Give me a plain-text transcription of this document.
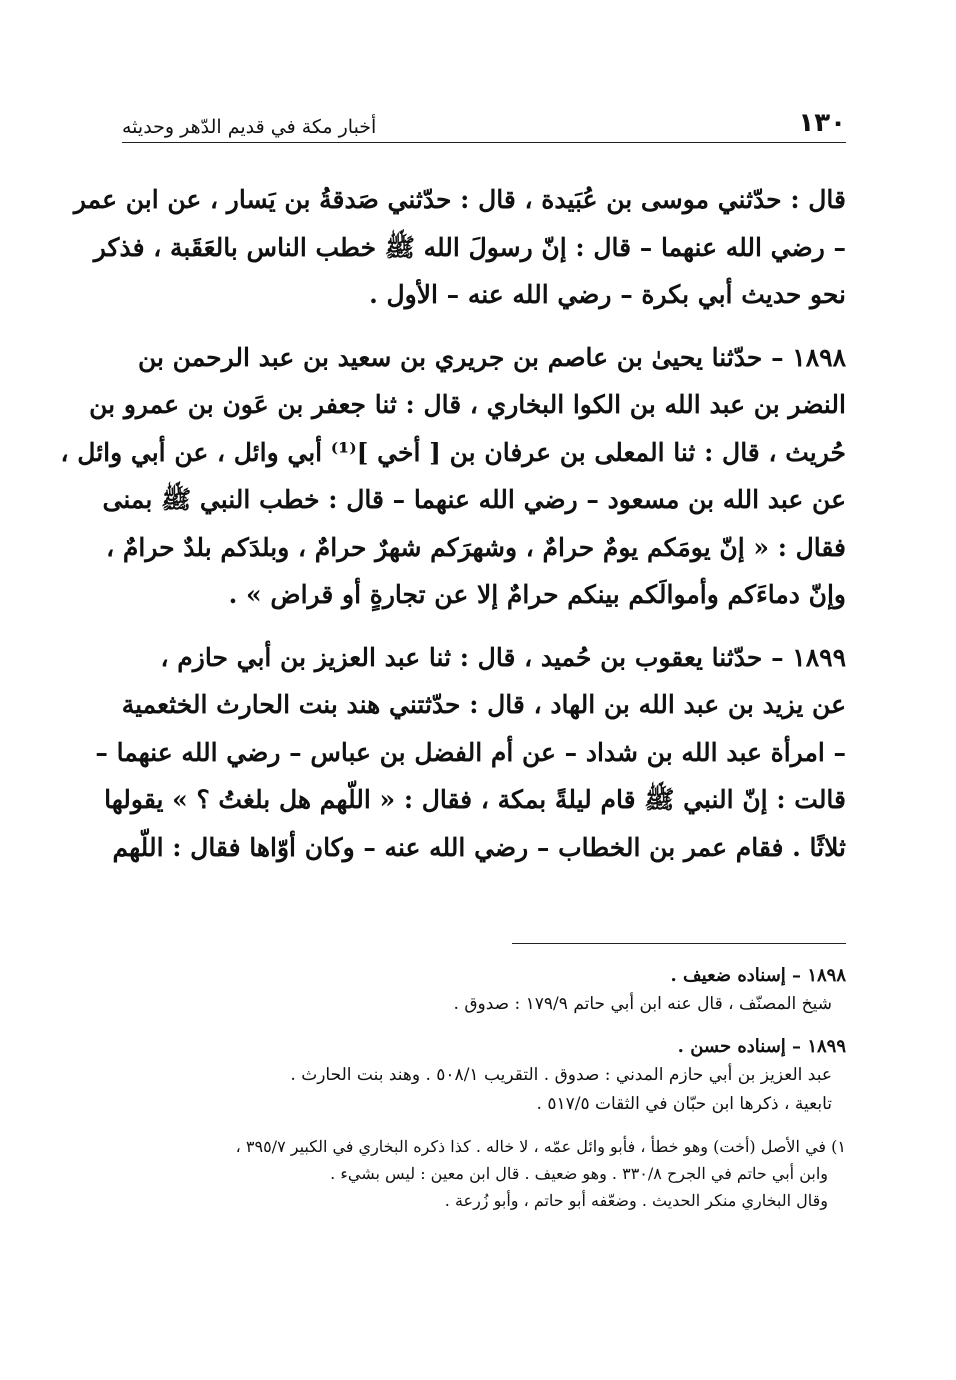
١٣٠
أخبار مكة في قديم الدّهر وحديثه

قال : حدّثني موسى بن عُبَيدة ، قال : حدّثني صَدقةُ بن يَسار ، عن ابن عمر
– رضي الله عنهما – قال : إنّ رسولَ الله ﷺ خطب الناس بالعَقَبة ، فذكر
نحو حديث أبي بكرة – رضي الله عنه – الأول .

١٨٩٨ – حدّثنا يحيىٰ بن عاصم بن جريري بن سعيد بن عبد الرحمن بن
النضر بن عبد الله بن الكوا البخاري ، قال : ثنا جعفر بن عَون بن عمرو بن
حُريث ، قال : ثنا المعلى بن عرفان بن [ أخي ]⁽¹⁾ أبي وائل ، عن أبي وائل ،
عن عبد الله بن مسعود – رضي الله عنهما – قال : خطب النبي ﷺ بمنى
فقال : « إنّ يومَكم يومٌ حرامٌ ، وشهرَكم شهرٌ حرامٌ ، وبلدَكم بلدٌ حرامٌ ،
وإنّ دماءَكم وأموالَكم بينكم حرامٌ إلا عن تجارةٍ أو قراض » .

١٨٩٩ – حدّثنا يعقوب بن حُميد ، قال : ثنا عبد العزيز بن أبي حازم ،
عن يزيد بن عبد الله بن الهاد ، قال : حدّثتني هند بنت الحارث الخثعمية
– امرأة عبد الله بن شداد – عن أم الفضل بن عباس – رضي الله عنهما –
قالت : إنّ النبي ﷺ قام ليلةً بمكة ، فقال : « اللّهم هل بلغتُ ؟ » يقولها
ثلاثًا . فقام عمر بن الخطاب – رضي الله عنه – وكان أوّاها فقال : اللّهم

١٨٩٨ – إسناده ضعيف .

شيخ المصنّف ، قال عنه ابن أبي حاتم ١٧٩/٩ : صدوق .

١٨٩٩ – إسناده حسن .

عبد العزيز بن أبي حازم المدني : صدوق . التقريب ٥٠٨/١ . وهند بنت الحارث .
تابعية ، ذكرها ابن حبّان في الثقات ٥١٧/٥ .

١) في الأصل (أخت) وهو خطأ ، فأبو وائل عمّه ، لا خاله . كذا ذكره البخاري في الكبير ٣٩٥/٧ ،
وابن أبي حاتم في الجرح ٣٣٠/٨ . وهو ضعيف . قال ابن معين : ليس بشيء .
وقال البخاري منكر الحديث . وضعّفه أبو حاتم ، وأبو زُرعة .
